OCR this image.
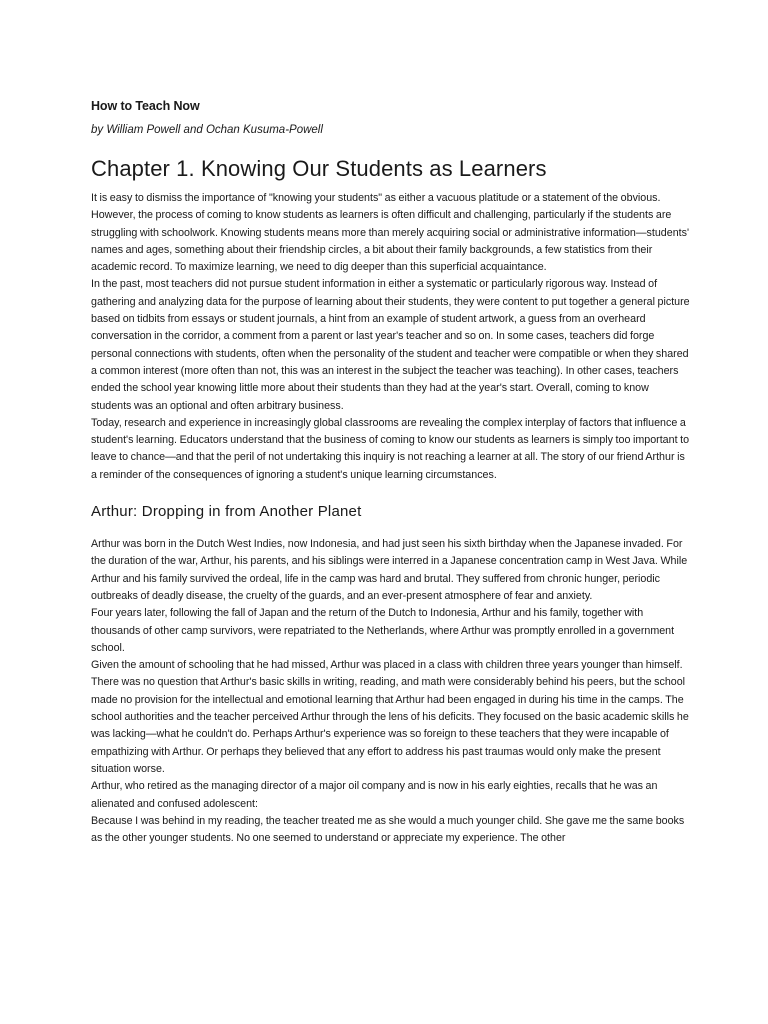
How to Teach Now

by William Powell and Ochan Kusuma-Powell

Chapter 1. Knowing Our Students as Learners

It is easy to dismiss the importance of "knowing your students" as either a vacuous platitude or a statement of the obvious. However, the process of coming to know students as learners is often difficult and challenging, particularly if the students are struggling with schoolwork. Knowing students means more than merely acquiring social or administrative information—students' names and ages, something about their friendship circles, a bit about their family backgrounds, a few statistics from their academic record. To maximize learning, we need to dig deeper than this superficial acquaintance.

In the past, most teachers did not pursue student information in either a systematic or particularly rigorous way. Instead of gathering and analyzing data for the purpose of learning about their students, they were content to put together a general picture based on tidbits from essays or student journals, a hint from an example of student artwork, a guess from an overheard conversation in the corridor, a comment from a parent or last year's teacher and so on. In some cases, teachers did forge personal connections with students, often when the personality of the student and teacher were compatible or when they shared a common interest (more often than not, this was an interest in the subject the teacher was teaching). In other cases, teachers ended the school year knowing little more about their students than they had at the year's start. Overall, coming to know students was an optional and often arbitrary business.

Today, research and experience in increasingly global classrooms are revealing the complex interplay of factors that influence a student's learning. Educators understand that the business of coming to know our students as learners is simply too important to leave to chance—and that the peril of not undertaking this inquiry is not reaching a learner at all. The story of our friend Arthur is a reminder of the consequences of ignoring a student's unique learning circumstances.

Arthur: Dropping in from Another Planet

Arthur was born in the Dutch West Indies, now Indonesia, and had just seen his sixth birthday when the Japanese invaded. For the duration of the war, Arthur, his parents, and his siblings were interred in a Japanese concentration camp in West Java. While Arthur and his family survived the ordeal, life in the camp was hard and brutal. They suffered from chronic hunger, periodic outbreaks of deadly disease, the cruelty of the guards, and an ever-present atmosphere of fear and anxiety.

Four years later, following the fall of Japan and the return of the Dutch to Indonesia, Arthur and his family, together with thousands of other camp survivors, were repatriated to the Netherlands, where Arthur was promptly enrolled in a government school.

Given the amount of schooling that he had missed, Arthur was placed in a class with children three years younger than himself. There was no question that Arthur's basic skills in writing, reading, and math were considerably behind his peers, but the school made no provision for the intellectual and emotional learning that Arthur had been engaged in during his time in the camps. The school authorities and the teacher perceived Arthur through the lens of his deficits. They focused on the basic academic skills he was lacking—what he couldn't do. Perhaps Arthur's experience was so foreign to these teachers that they were incapable of empathizing with Arthur. Or perhaps they believed that any effort to address his past traumas would only make the present situation worse.

Arthur, who retired as the managing director of a major oil company and is now in his early eighties, recalls that he was an alienated and confused adolescent:

Because I was behind in my reading, the teacher treated me as she would a much younger child. She gave me the same books as the other younger students. No one seemed to understand or appreciate my experience. The other
